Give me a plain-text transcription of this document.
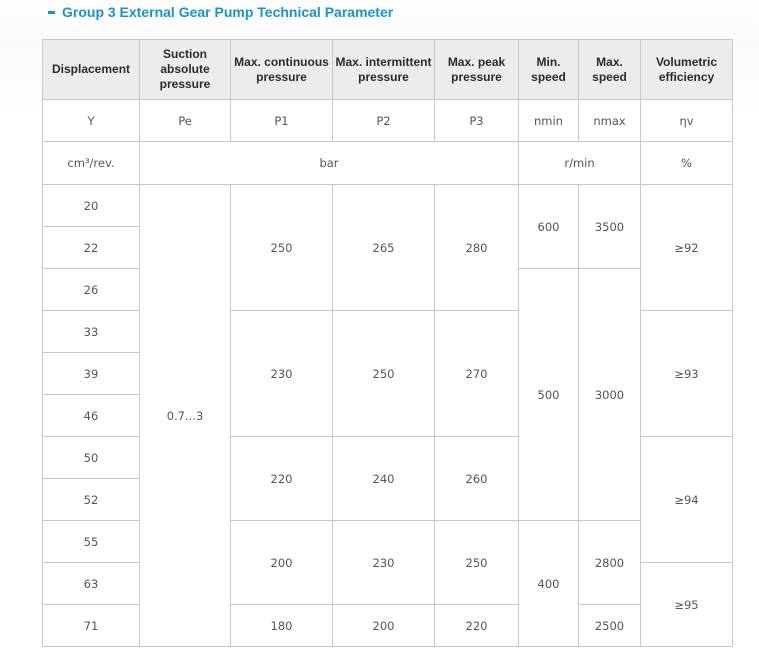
Group 3 External Gear Pump Technical Parameter
Displacement	Suction absolute pressure	Max. continuous pressure	Max. intermittent pressure	Max. peak pressure	Min. speed	Max. speed	Volumetric efficiency
Y	Pe	P1	P2	P3	nmin	nmax	ηv
cm³/rev.	bar				r/min		%
20	0.7...3	250	265	280	600	3500	≥92
22							
26					500	3000	
33		230	250	270			≥93
39							
46							
50		220	240	260			≥94
52							
55		200	230	250	400	2800	
63							≥95
71		180	200	220		2500	
